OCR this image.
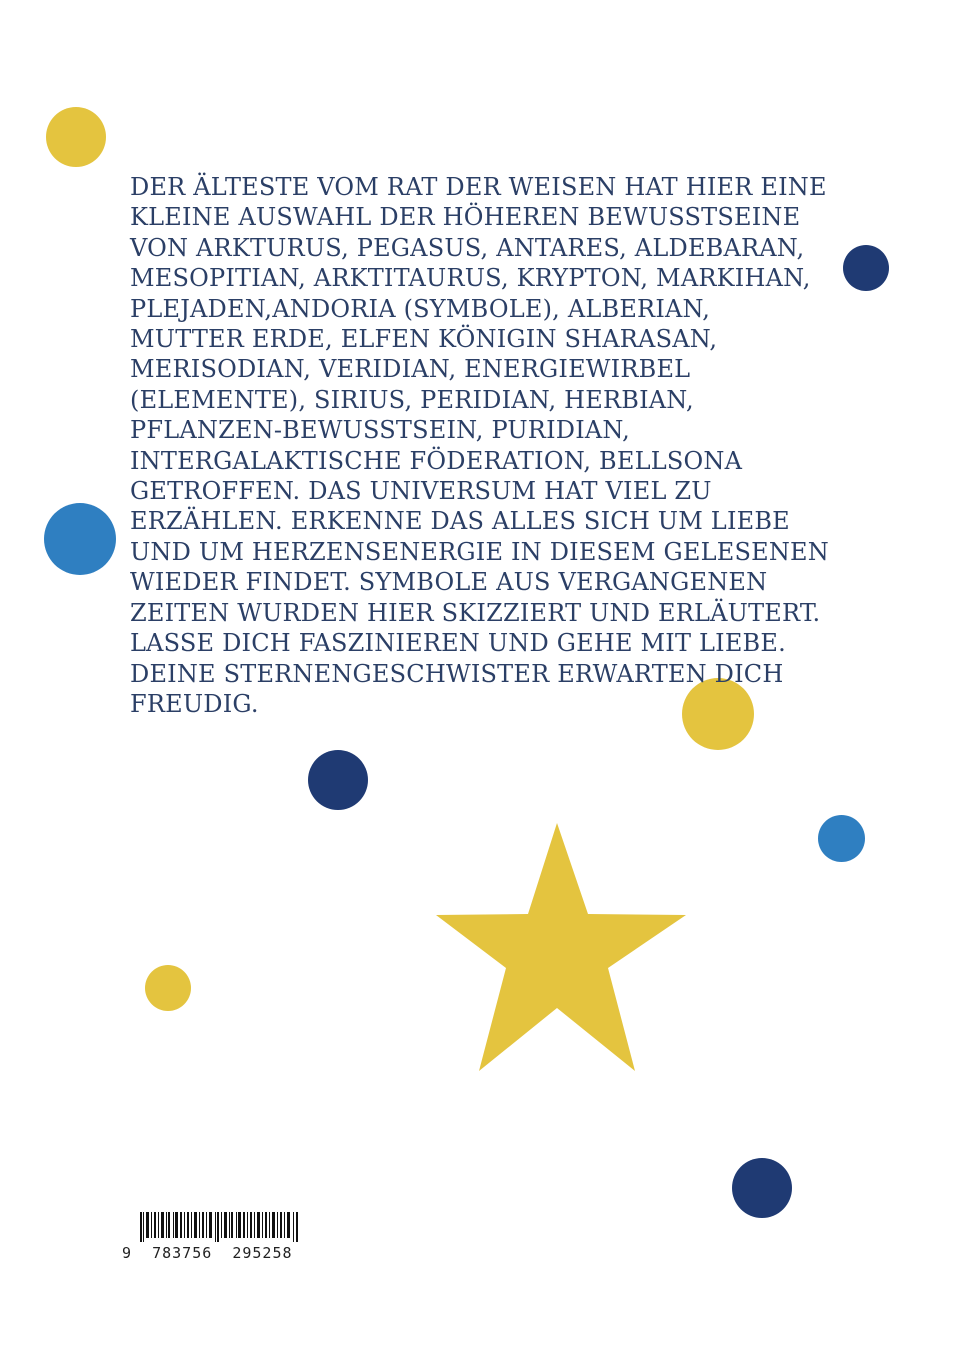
DER ÄLTESTE VOM RAT DER WEISEN HAT HIER EINE KLEINE AUSWAHL DER HÖHEREN BEWUSSTSEINE VON ARKTURUS, PEGASUS, ANTARES, ALDEBARAN, MESOPITIAN, ARKTITAURUS, KRYPTON, MARKIHAN, PLEJADEN,ANDORIA (SYMBOLE), ALBERIAN, MUTTER ERDE, ELFEN KÖNIGIN SHARASAN, MERISODIAN, VERIDIAN, ENERGIEWIRBEL (ELEMENTE), SIRIUS, PERIDIAN, HERBIAN, PFLANZEN-BEWUSSTSEIN, PURIDIAN, INTERGALAKTISCHE FÖDERATION, BELLSONA GETROFFEN. DAS UNIVERSUM HAT VIEL ZU ERZÄHLEN. ERKENNE DAS ALLES SICH UM LIEBE UND UM HERZENSENERGIE IN DIESEM GELESENEN WIEDER FINDET. SYMBOLE AUS VERGANGENEN ZEITEN WURDEN HIER SKIZZIERT UND ERLÄUTERT. LASSE DICH FASZINIEREN UND GEHE MIT LIEBE. DEINE STERNENGESCHWISTER ERWARTEN DICH FREUDIG.

9  783756  295258
